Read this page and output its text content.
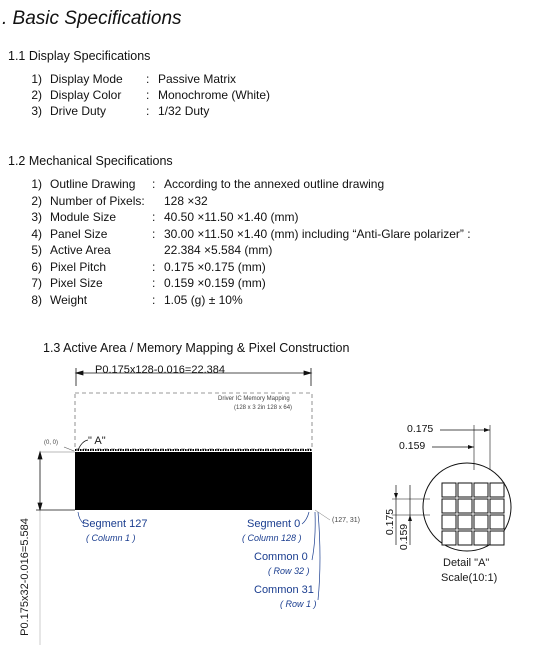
. Basic Specifications
1.1 Display Specifications
1) Display Mode : Passive Matrix
2) Display Color : Monochrome (White)
3) Drive Duty	: 1/32 Duty
1.2 Mechanical Specifications
1) Outline Drawing : According to the annexed outline drawing
2) Number of Pixels: 128 ×32
3) Module Size	: 40.50 ×11.50 ×1.40 (mm)
4) Panel Size	: 30.00 ×11.50 ×1.40 (mm) including “Anti-Glare polarizer” :
5) Active Area	22.384 ×5.584 (mm)
6) Pixel Pitch	: 0.175 ×0.175 (mm)
7) Pixel Size	: 0.159 ×0.159 (mm)
8) Weight	: 1.05 (g) ± 10%
1.3 Active Area / Memory Mapping & Pixel Construction
P0.175x128-0.016=22.384
Driver IC Memory Mapping
(128 x 3 2in 128 x 64)
(0, 0)	" A"
(127, 31)
Segment 127
( Column 1 )
Segment 0
( Column 128 )
Common 0
( Row 32 )
Common 31
( Row 1 )
P0.175x32-0.016=5.584
0.175
0.159
0.175
0.159
Detail "A"
Scale(10:1)
